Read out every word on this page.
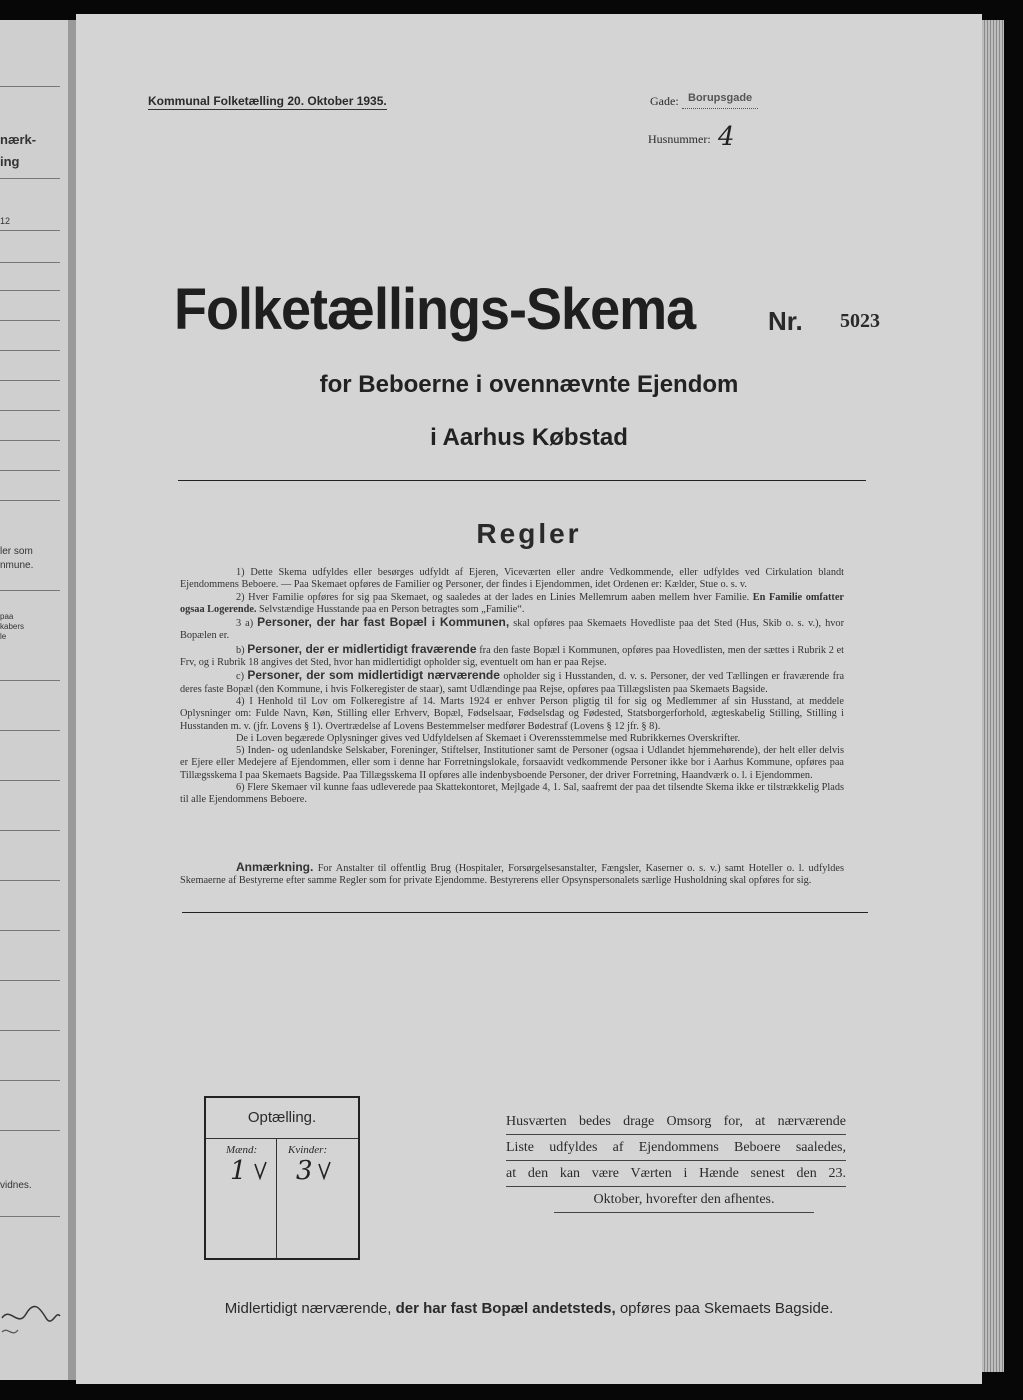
nærk-
ing
12
ler som
nmune.
paa
kabers
le
vidnes.
Kommunal Folketælling 20. Oktober 1935.	Gade: Borupsgade
Husnummer: 4
Folketællings-Skema	Nr. 5023
for Beboerne i ovennævnte Ejendom
i Aarhus Købstad
Regler

1) Dette Skema udfyldes eller besørges udfyldt af Ejeren, Viceværten eller andre Vedkommende, eller udfyldes ved Cirkulation blandt Ejendommens Beboere. — Paa Skemaet opføres de Familier og Personer, der findes i Ejendommen, idet Ordenen er: Kælder, Stue o. s. v.

2) Hver Familie opføres for sig paa Skemaet, og saaledes at der lades en Linies Mellemrum aaben mellem hver Familie. En Familie omfatter ogsaa Logerende. Selvstændige Husstande paa en Person betragtes som „Familie“.

3 a) Personer, der har fast Bopæl i Kommunen, skal opføres paa Skemaets Hovedliste paa det Sted (Hus, Skib o. s. v.), hvor Bopælen er.

b) Personer, der er midlertidigt fraværende fra den faste Bopæl i Kommunen, opføres paa Hovedlisten, men der sættes i Rubrik 2 et Frv, og i Rubrik 18 angives det Sted, hvor han midlertidigt opholder sig, eventuelt om han er paa Rejse.

c) Personer, der som midlertidigt nærværende opholder sig i Husstanden, d. v. s. Personer, der ved Tællingen er fraværende fra deres faste Bopæl (den Kommune, i hvis Folkeregister de staar), samt Udlændinge paa Rejse, opføres paa Tillægslisten paa Skemaets Bagside.

4) I Henhold til Lov om Folkeregistre af 14. Marts 1924 er enhver Person pligtig til for sig og Medlemmer af sin Husstand, at meddele Oplysninger om: Fulde Navn, Køn, Stilling eller Erhverv, Bopæl, Fødselsaar, Fødselsdag og Fødested, Statsborgerforhold, ægteskabelig Stilling, Stilling i Husstanden m. v. (jfr. Lovens § 1). Overtrædelse af Lovens Bestemmelser medfører Bødestraf (Lovens § 12 jfr. § 8).

De i Loven begærede Oplysninger gives ved Udfyldelsen af Skemaet i Overensstemmelse med Rubrikkernes Overskrifter.

5) Inden- og udenlandske Selskaber, Foreninger, Stiftelser, Institutioner samt de Personer (ogsaa i Udlandet hjemmehørende), der helt eller delvis er Ejere eller Medejere af Ejendommen, eller som i denne har Forretningslokale, forsaavidt vedkommende Personer ikke bor i Aarhus Kommune, opføres paa Tillægsskema I paa Skemaets Bagside. Paa Tillægsskema II opføres alle indenbysboende Personer, der driver Forretning, Haandværk o. l. i Ejendommen.

6) Flere Skemaer vil kunne faas udleverede paa Skattekontoret, Mejlgade 4, 1. Sal, saafremt der paa det tilsendte Skema ikke er tilstrækkelig Plads til alle Ejendommens Beboere.

Anmærkning. For Anstalter til offentlig Brug (Hospitaler, Forsørgelsesanstalter, Fængsler, Kaserner o. s. v.) samt Hoteller o. l. udfyldes Skemaerne af Bestyrerne efter samme Regler som for private Ejendomme. Bestyrerens eller Opsynspersonalets særlige Husholdning skal opføres for sig.

Optælling.
Mænd:	Kvinder:
1 3
Husværten bedes drage Omsorg for, at nærværende
Liste udfyldes af Ejendommens Beboere saaledes,
at den kan være Værten i Hænde senest den 23.
Oktober, hvorefter den afhentes.
Midlertidigt nærværende, der har fast Bopæl andetsteds, opføres paa Skemaets Bagside.
